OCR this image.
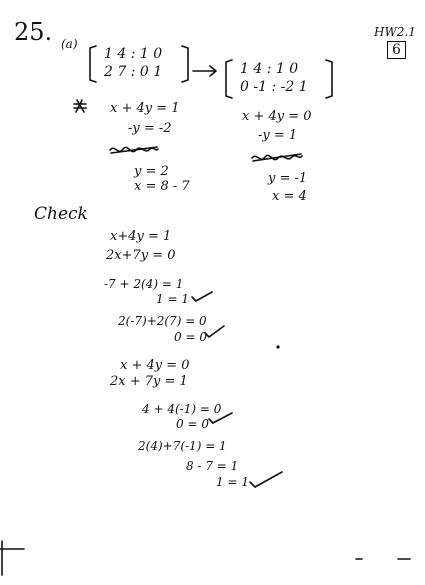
25.	HW2.1
6
(a)
1 4 : 1 0
2 7 : 0 1	1 4 : 1 0
0 -1 : -2 1
x + 4y = 1
-y = -2
y = 2
x = 8 - 7
x + 4y = 0
-y = 1
y = -1
x = 4
Check
x+4y = 1
2x+7y = 0
-7 + 2(4) = 1
1 = 1
2(-7)+2(7) = 0
0 = 0
x + 4y = 0
2x + 7y = 1
4 + 4(-1) = 0
0 = 0
2(4)+7(-1) = 1
8 - 7 = 1
1 = 1
